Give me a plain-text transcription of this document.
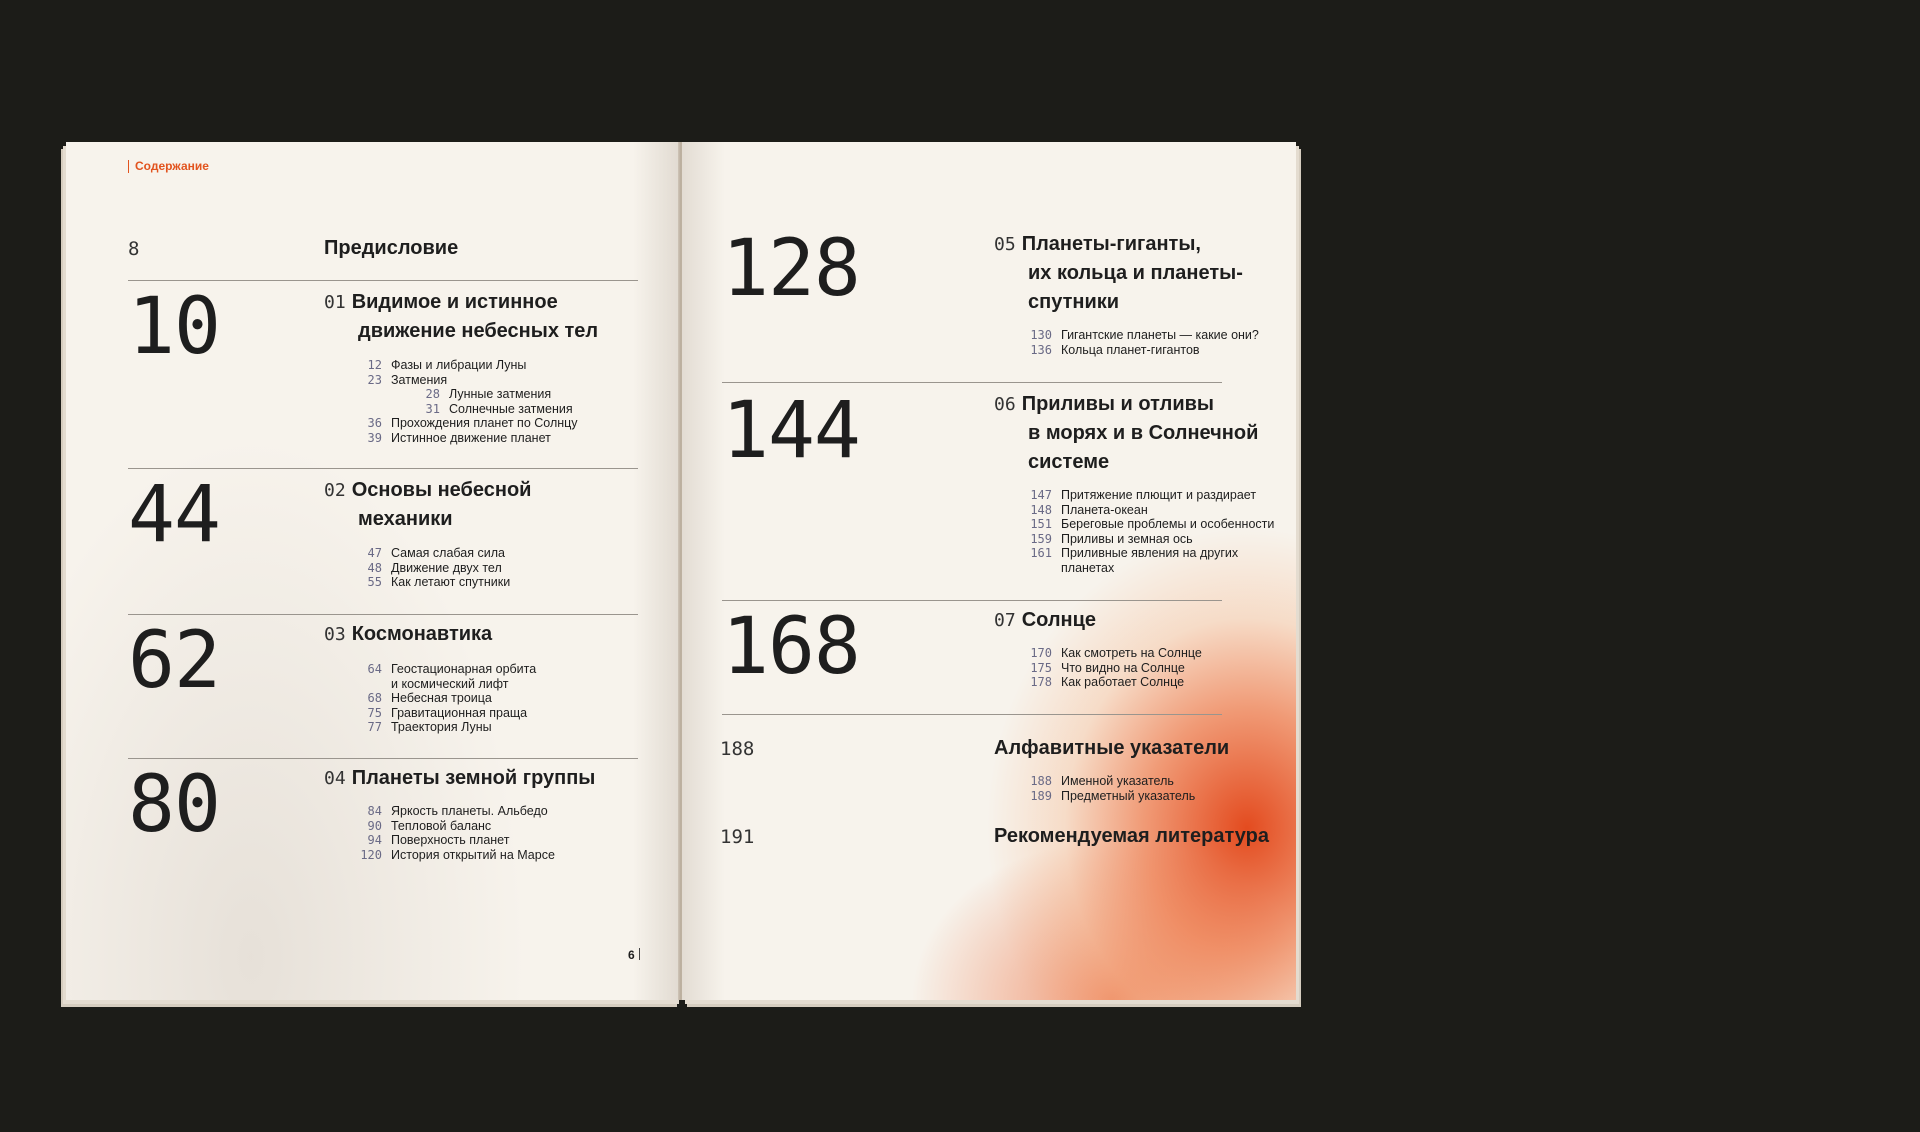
Содержание
8	Предисловие
10	01 Видимое и истинное
движение небесных тел
12 Фазы и либрации Луны
23 Затмения
28 Лунные затмения
31 Солнечные затмения
36 Прохождения планет по Солнцу
39 Истинное движение планет
44	02 Основы небесной
механики
47 Самая слабая сила
48 Движение двух тел
55 Как летают спутники
62	03 Космонавтика
64 Геостационарная орбита
и космический лифт
68 Небесная троица
75 Гравитационная праща
77 Траектория Луны
80	04 Планеты земной группы
84 Яркость планеты. Альбедо
90 Тепловой баланс
94 Поверхность планет
120 История открытий на Марсе
6
128	05 Планеты-гиганты,
их кольца и планеты-
спутники
130 Гигантские планеты — какие они?
136 Кольца планет-гигантов
144	06 Приливы и отливы
в морях и в Солнечной
системе
147 Притяжение плющит и раздирает
148 Планета-океан
151 Береговые проблемы и особенности
159 Приливы и земная ось
161 Приливные явления на других
планетах
168	07 Солнце
170 Как смотреть на Солнце
175 Что видно на Солнце
178 Как работает Солнце
188	Алфавитные указатели
188 Именной указатель
189 Предметный указатель
191	Рекомендуемая литература
